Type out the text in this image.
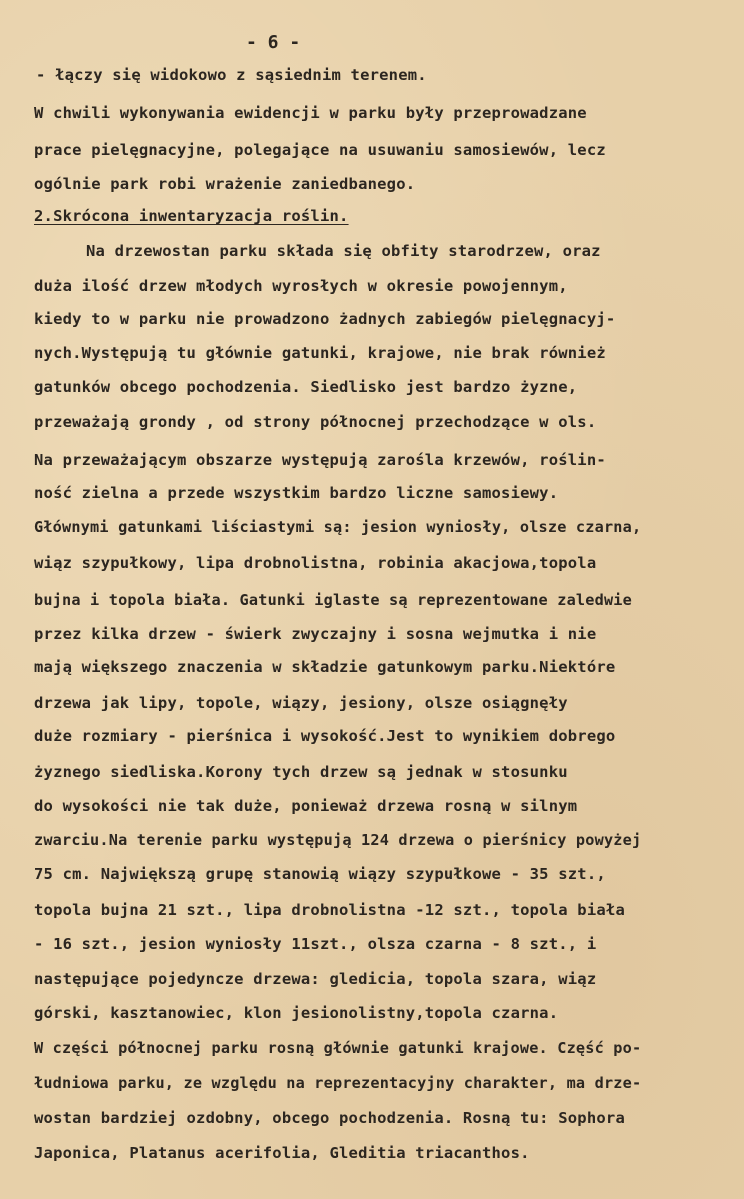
- 6 -
- łączy się widokowo z sąsiednim terenem.
W chwili wykonywania ewidencji w parku były przeprowadzane
prace pielęgnacyjne, polegające na usuwaniu samosiewów, lecz
ogólnie park robi wrażenie zaniedbanego.
2.Skrócona inwentaryzacja roślin.
Na drzewostan parku składa się obfity starodrzew, oraz
duża ilość drzew młodych wyrosłych w okresie powojennym,
kiedy to w parku nie prowadzono żadnych zabiegów pielęgnacyj-
nych.Występują tu głównie gatunki, krajowe, nie brak również
gatunków obcego pochodzenia. Siedlisko jest bardzo żyzne,
przeważają grondy , od strony północnej przechodzące w ols.
Na przeważającym obszarze występują zarośla krzewów, roślin-
ność zielna a przede wszystkim bardzo liczne samosiewy.
Głównymi gatunkami liściastymi są: jesion wyniosły, olsze czarna,
wiąz szypułkowy, lipa drobnolistna, robinia akacjowa,topola
bujna i topola biała. Gatunki iglaste są reprezentowane zaledwie
przez kilka drzew - świerk zwyczajny i sosna wejmutka i nie
mają większego znaczenia w składzie gatunkowym parku.Niektóre
drzewa jak lipy, topole, wiązy, jesiony, olsze osiągnęły
duże rozmiary - pierśnica i wysokość.Jest to wynikiem dobrego
żyznego siedliska.Korony tych drzew są jednak w stosunku
do wysokości nie tak duże, ponieważ drzewa rosną w silnym
zwarciu.Na terenie parku występują 124 drzewa o pierśnicy powyżej
75 cm. Największą grupę stanowią wiązy szypułkowe - 35 szt.,
topola bujna 21 szt., lipa drobnolistna -12 szt., topola biała
- 16 szt., jesion wyniosły 11szt., olsza czarna - 8 szt., i
następujące pojedyncze drzewa: gledicia, topola szara, wiąz
górski, kasztanowiec, klon jesionolistny,topola czarna.
W części północnej parku rosną głównie gatunki krajowe. Część po-
łudniowa parku, ze względu na reprezentacyjny charakter, ma drze-
wostan bardziej ozdobny, obcego pochodzenia. Rosną tu: Sophora
Japonica, Platanus acerifolia, Gleditia triacanthos.
